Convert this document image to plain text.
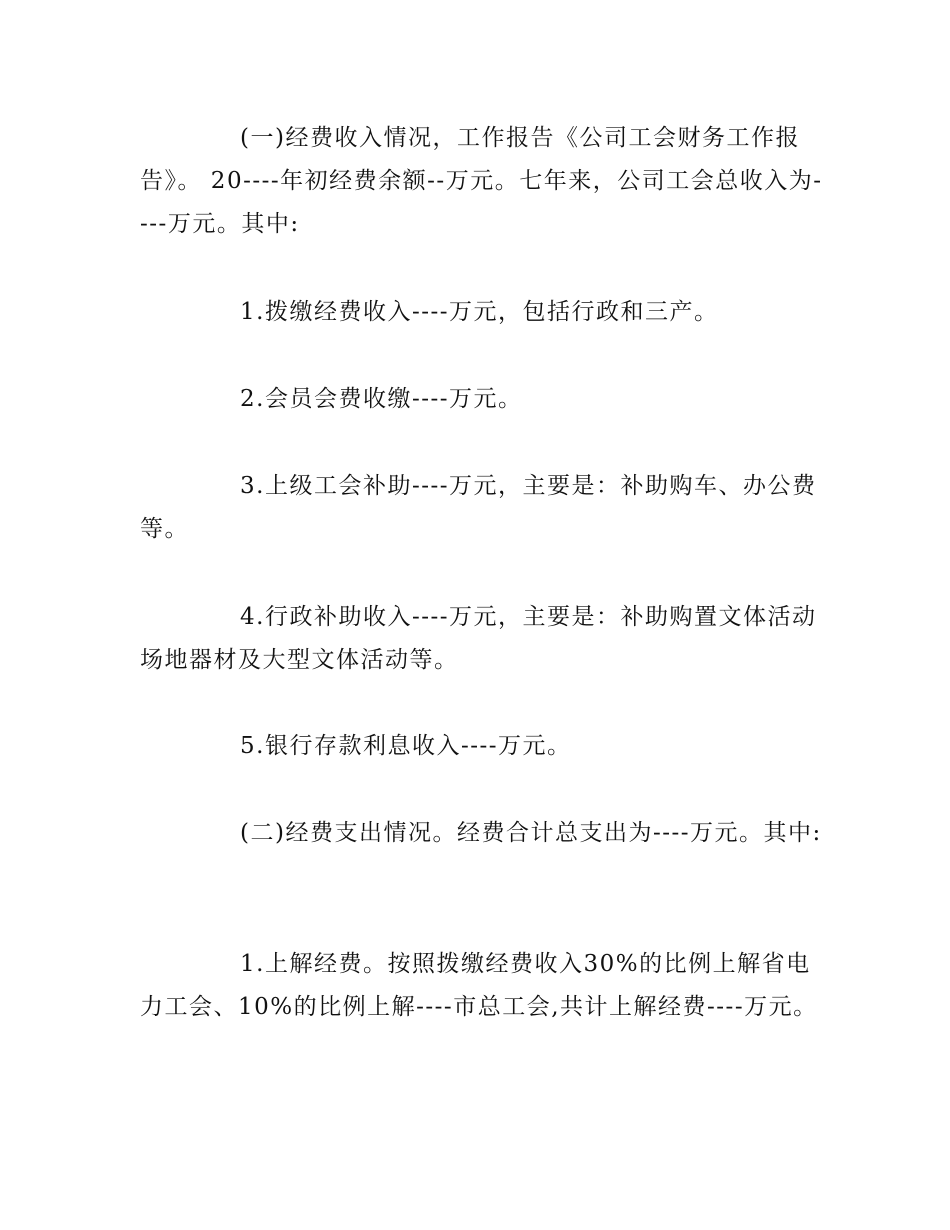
(一)经费收入情况，工作报告《公司工会财务工作报告》。 20----年初经费余额--万元。七年来，公司工会总收入为----万元。其中:

1.拨缴经费收入----万元，包括行政和三产。

2.会员会费收缴----万元。

3.上级工会补助----万元，主要是：补助购车、办公费等。

4.行政补助收入----万元，主要是：补助购置文体活动场地器材及大型文体活动等。

5.银行存款利息收入----万元。

(二)经费支出情况。经费合计总支出为----万元。其中:

1.上解经费。按照拨缴经费收入30%的比例上解省电力工会、10%的比例上解----市总工会,共计上解经费----万元。
